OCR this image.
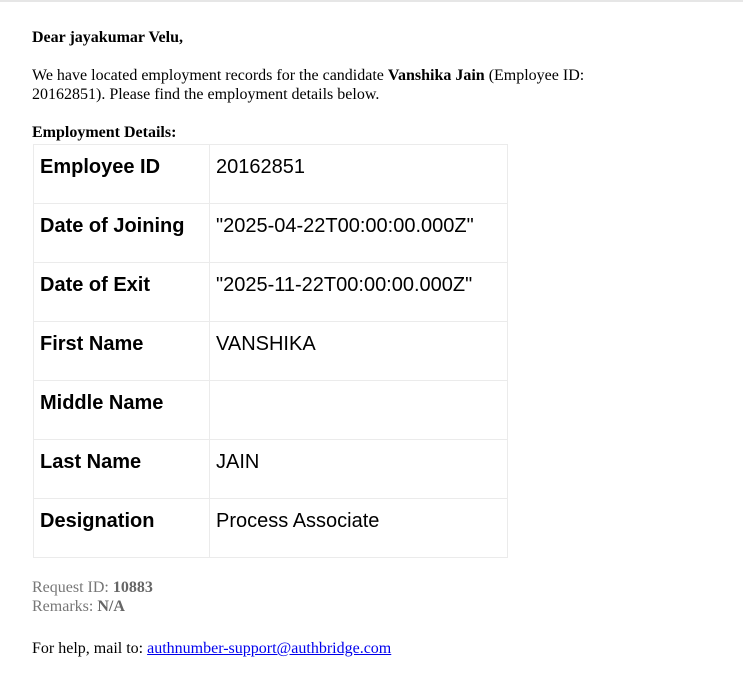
Dear jayakumar Velu,

We have located employment records for the candidate Vanshika Jain (Employee ID: 20162851). Please find the employment details below.

Employment Details:

Employee ID	20162851
Date of Joining	"2025-04-22T00:00:00.000Z"
Date of Exit	"2025-11-22T00:00:00.000Z"
First Name	VANSHIKA
Middle Name	
Last Name	JAIN
Designation	Process Associate
Request ID: 10883
Remarks: N/A
For help, mail to: authnumber-support@authbridge.com
